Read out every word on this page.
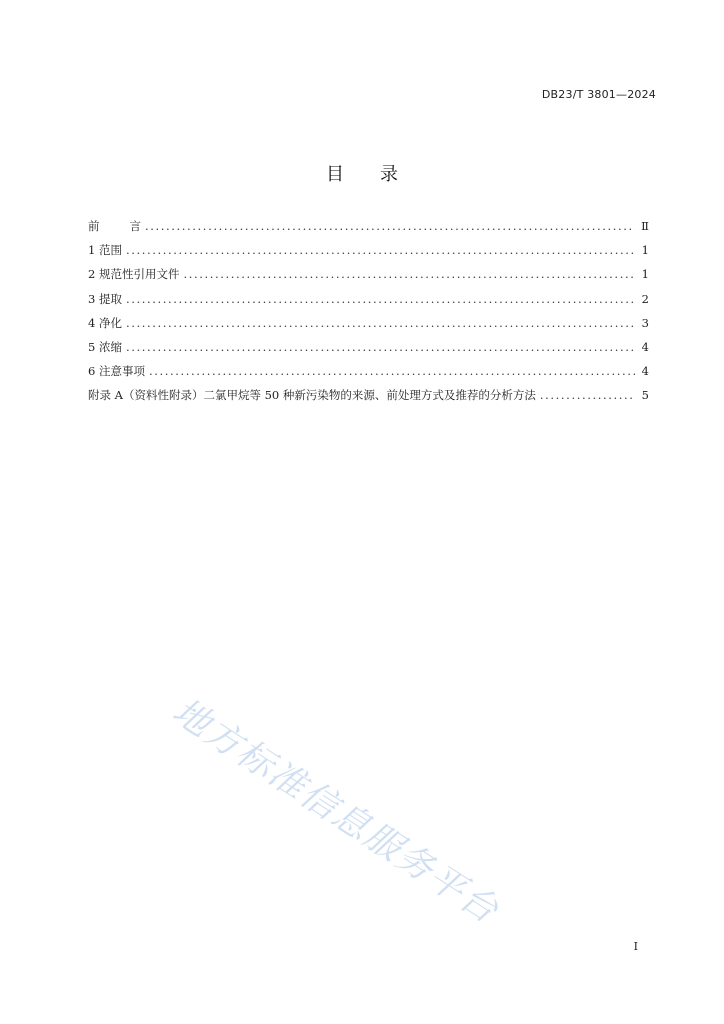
DB23/T 3801—2024
目 录
前	言 .....	Ⅱ
1 范围 .....	1
2 规范性引用文件 .....	1
3 提取 .....	2
4 净化 .....	3
5 浓缩 .....	4
6 注意事项 .....	4
附录 A（资料性附录）二氯甲烷等 50 种新污染物的来源、前处理方式及推荐的分析方法 .....	5
地方标准信息服务平台
I
